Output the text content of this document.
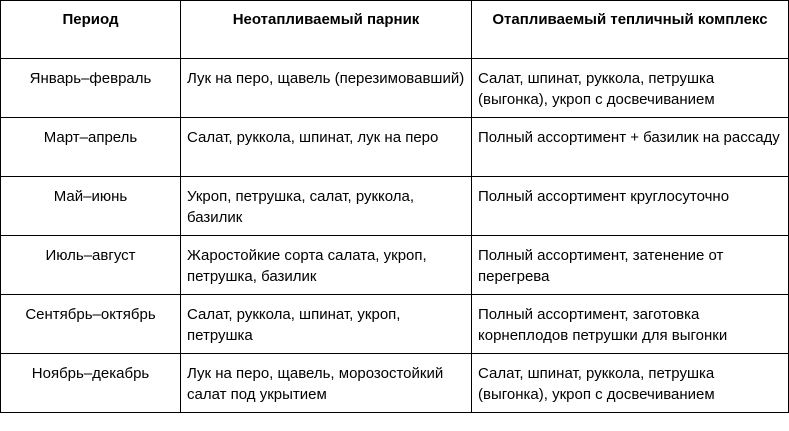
Период	Неотапливаемый парник	Отапливаемый тепличный комплекс
Январь–февраль	Лук на перо, щавель (перезимовавший)	Салат, шпинат, руккола, петрушка (выгонка), укроп с досвечиванием
Март–апрель	Салат, руккола, шпинат, лук на перо	Полный ассортимент + базилик на рассаду
Май–июнь	Укроп, петрушка, салат, руккола, базилик	Полный ассортимент круглосуточно
Июль–август	Жаростойкие сорта салата, укроп, петрушка, базилик	Полный ассортимент, затенение от перегрева
Сентябрь–октябрь	Салат, руккола, шпинат, укроп, петрушка	Полный ассортимент, заготовка корнеплодов петрушки для выгонки
Ноябрь–декабрь	Лук на перо, щавель, морозостойкий салат под укрытием	Салат, шпинат, руккола, петрушка (выгонка), укроп с досвечиванием
